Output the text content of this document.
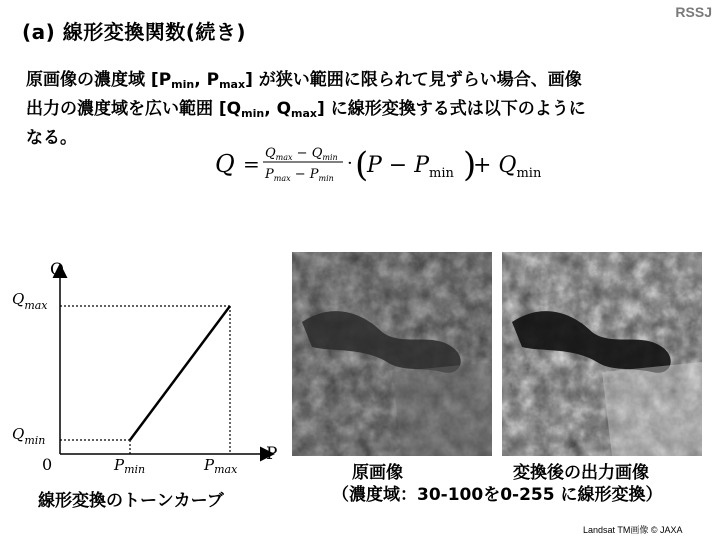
RSSJ
(a) 線形変換関数(続き)
原画像の濃度域 [$P_{min}$, $P_{max}$] が狭い範囲に限られて見ずらい場合、画像
出力の濃度域を広い範囲 [$Q_{min}$, $Q_{max}$] に線形変換する式は以下のように
なる。
$Q = Q_{max} - Q_{min}$
$P_{max} - P_{min}$
· (
$P - P_{min}$ )
+ $Q_{min}$
Q
P
0
$Q_{max}$
$Q_{min}$
$P_{min}$	$P_{max}$
線形変換のトーンカーブ
原画像	変換後の出力画像
（濃度域：30-100を0-255 に線形変換）
Landsat TM画像 © JAXA
